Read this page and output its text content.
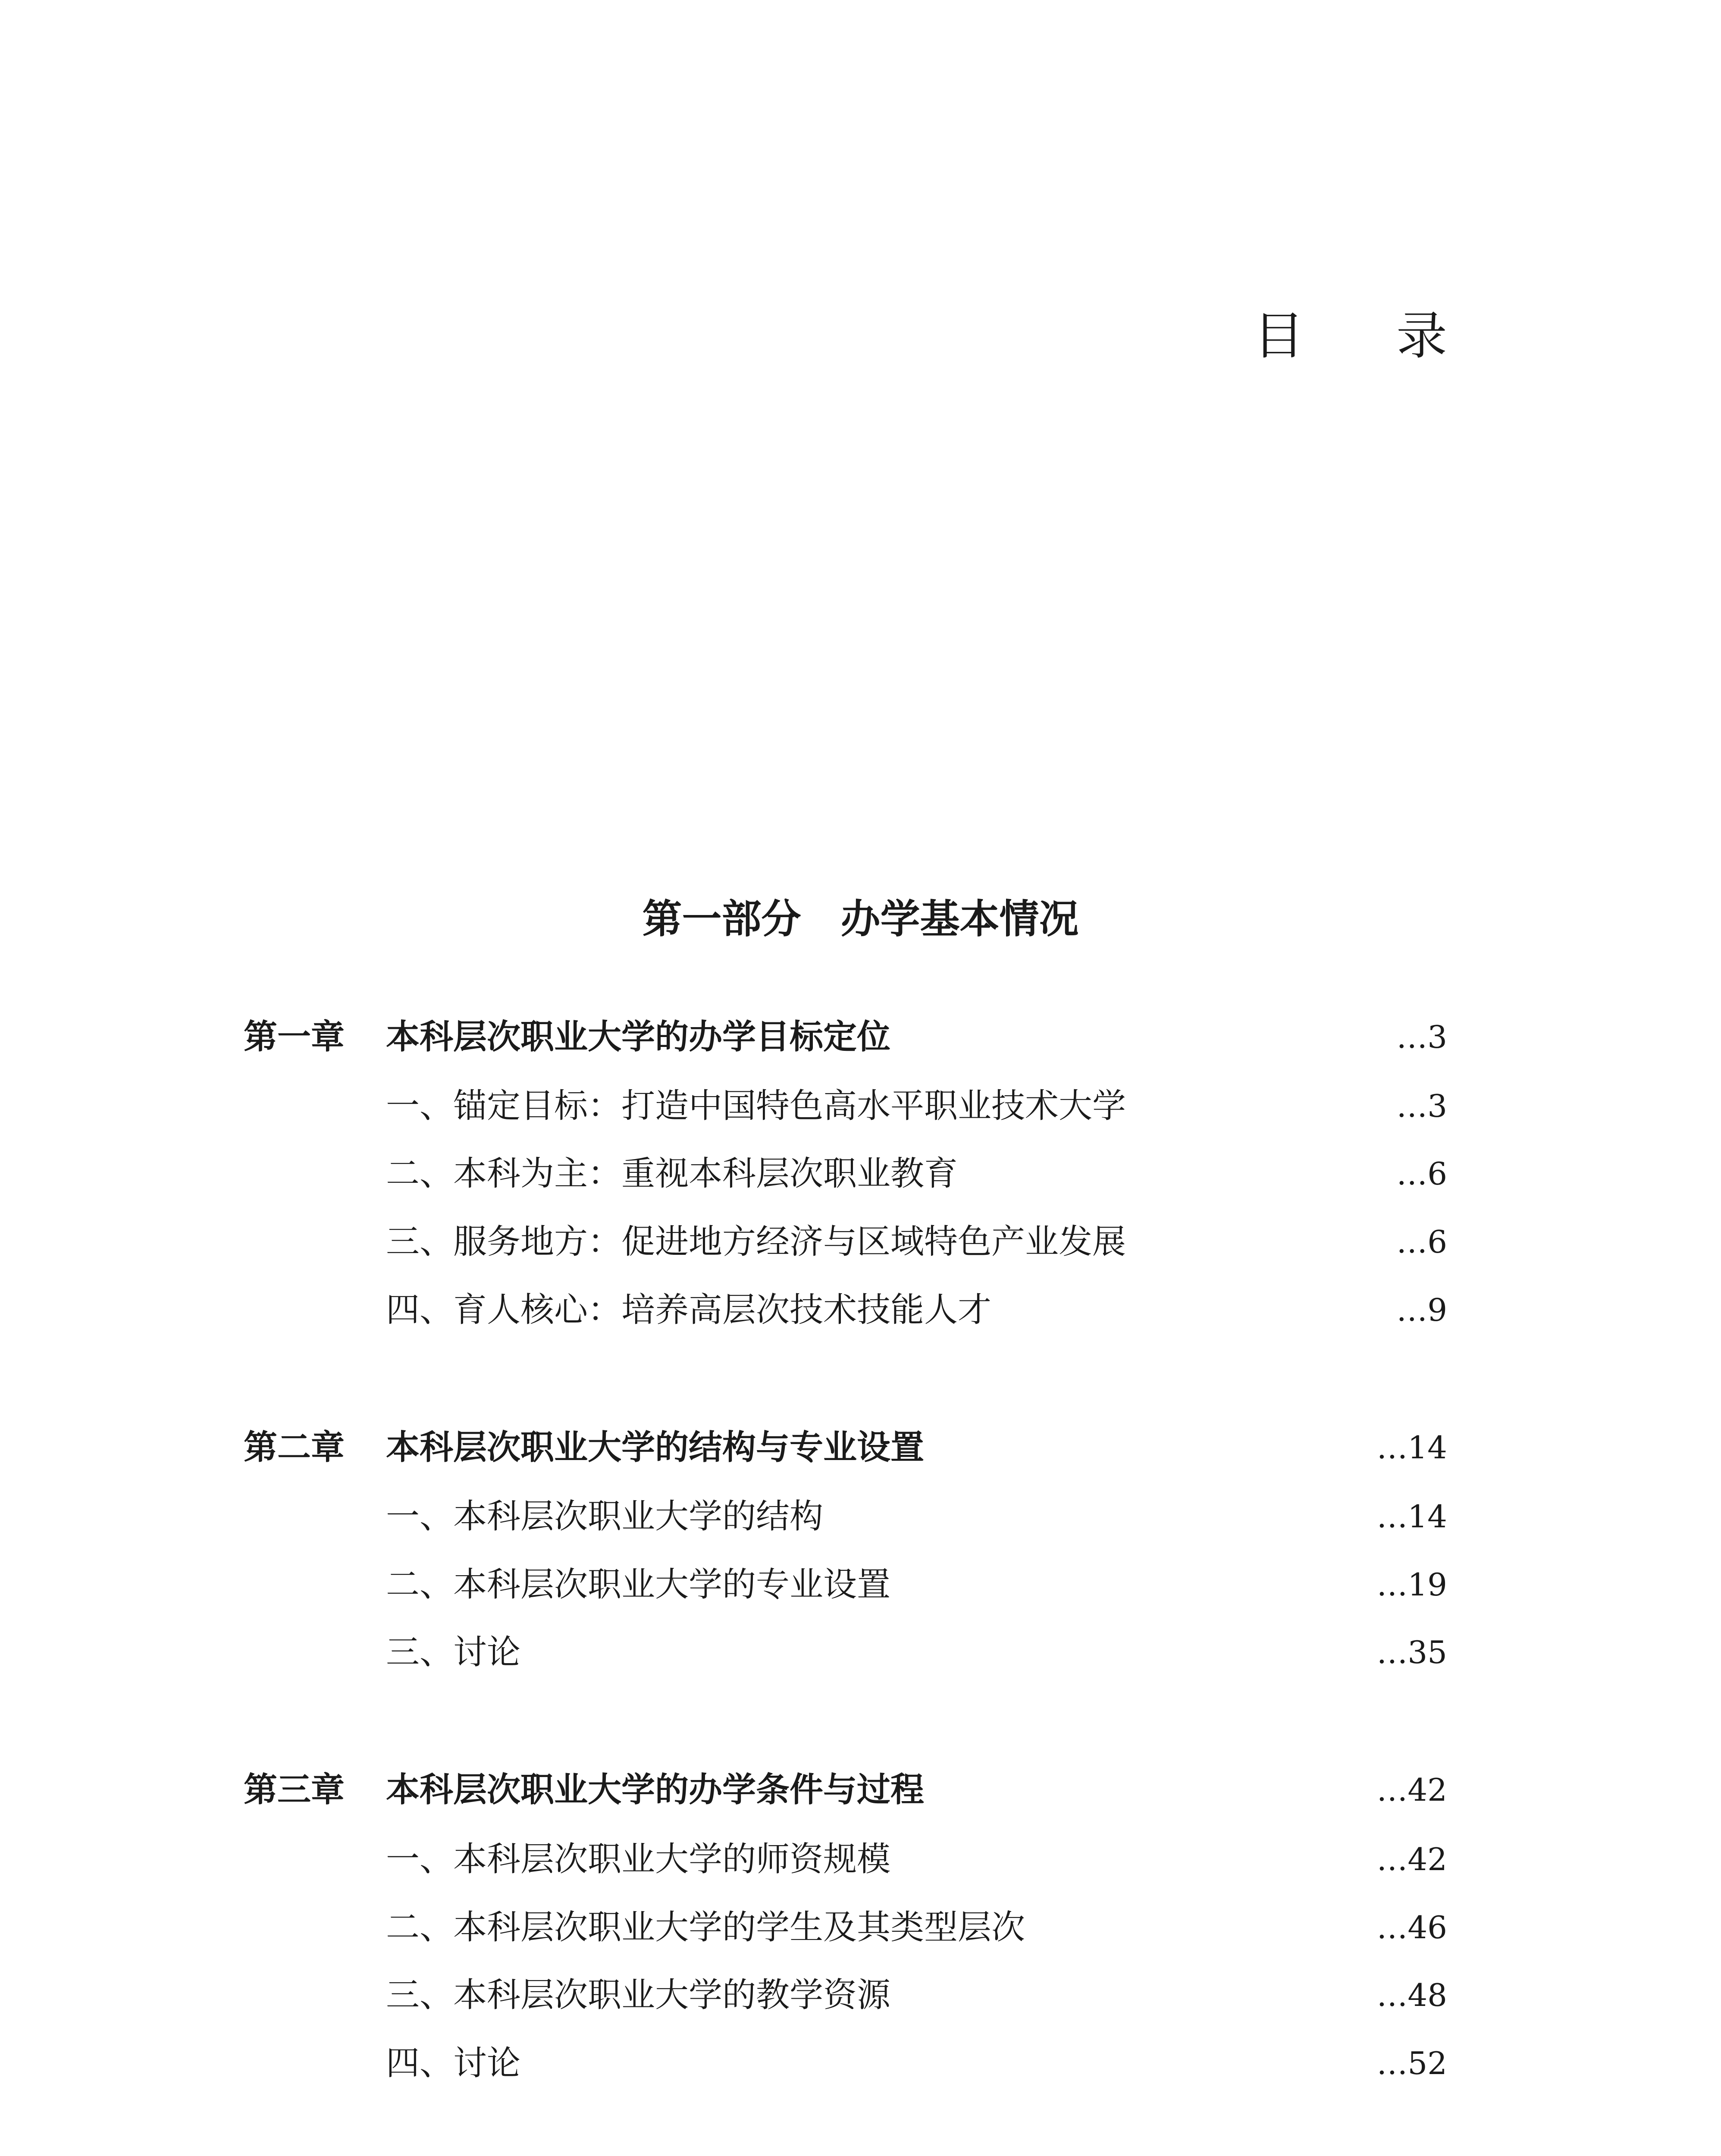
目 录
第一部分　办学基本情况
第一章 本科层次职业大学的办学目标定位	…3
一、锚定目标：打造中国特色高水平职业技术大学	…3
二、本科为主：重视本科层次职业教育	…6
三、服务地方：促进地方经济与区域特色产业发展	…6
四、育人核心：培养高层次技术技能人才	…9
第二章 本科层次职业大学的结构与专业设置	…14
一、本科层次职业大学的结构	…14
二、本科层次职业大学的专业设置	…19
三、讨论	…35
第三章 本科层次职业大学的办学条件与过程	…42
一、本科层次职业大学的师资规模	…42
二、本科层次职业大学的学生及其类型层次	…46
三、本科层次职业大学的教学资源	…48
四、讨论	…52
